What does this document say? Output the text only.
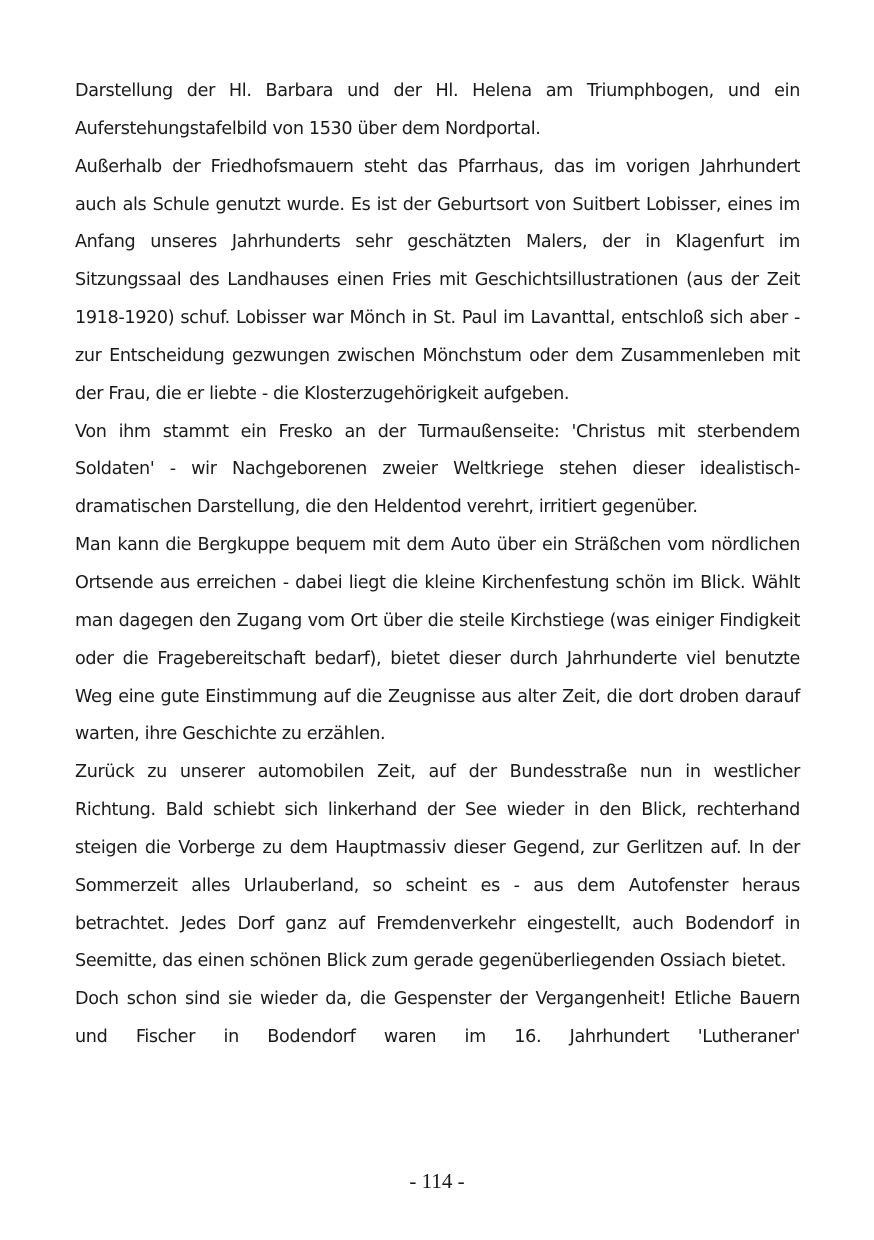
Darstellung der Hl. Barbara und der Hl. Helena am Triumphbogen, und ein Auferstehungstafelbild von 1530 über dem Nordportal.

Außerhalb der Friedhofsmauern steht das Pfarrhaus, das im vorigen Jahrhundert auch als Schule genutzt wurde. Es ist der Geburtsort von Suitbert Lobisser, eines im Anfang unseres Jahrhunderts sehr geschätzten Malers, der in Klagenfurt im Sitzungssaal des Landhauses einen Fries mit Geschichtsillustrationen (aus der Zeit 1918-1920) schuf. Lobisser war Mönch in St. Paul im Lavanttal, entschloß sich aber - zur Entscheidung gezwungen zwischen Mönchstum oder dem Zusammenleben mit der Frau, die er liebte - die Klosterzugehörigkeit aufgeben.

Von ihm stammt ein Fresko an der Turmaußenseite: 'Christus mit sterbendem Soldaten' - wir Nachgeborenen zweier Weltkriege stehen dieser idealistisch-dramatischen Darstellung, die den Heldentod verehrt, irritiert gegenüber.

Man kann die Bergkuppe bequem mit dem Auto über ein Sträßchen vom nördlichen Ortsende aus erreichen - dabei liegt die kleine Kirchenfestung schön im Blick. Wählt man dagegen den Zugang vom Ort über die steile Kirchstiege (was einiger Findigkeit oder die Fragebereitschaft bedarf), bietet dieser durch Jahrhunderte viel benutzte Weg eine gute Einstimmung auf die Zeugnisse aus alter Zeit, die dort droben darauf warten, ihre Geschichte zu erzählen.

Zurück zu unserer automobilen Zeit, auf der Bundesstraße nun in westlicher Richtung. Bald schiebt sich linkerhand der See wieder in den Blick, rechterhand steigen die Vorberge zu dem Hauptmassiv dieser Gegend, zur Gerlitzen auf. In der Sommerzeit alles Urlauberland, so scheint es - aus dem Autofenster heraus betrachtet. Jedes Dorf ganz auf Fremdenverkehr eingestellt, auch Bodendorf in Seemitte, das einen schönen Blick zum gerade gegenüberliegenden Ossiach bietet.

Doch schon sind sie wieder da, die Gespenster der Vergangenheit! Etliche Bauern und Fischer in Bodendorf waren im 16. Jahrhundert 'Lutheraner'

- 114 -
